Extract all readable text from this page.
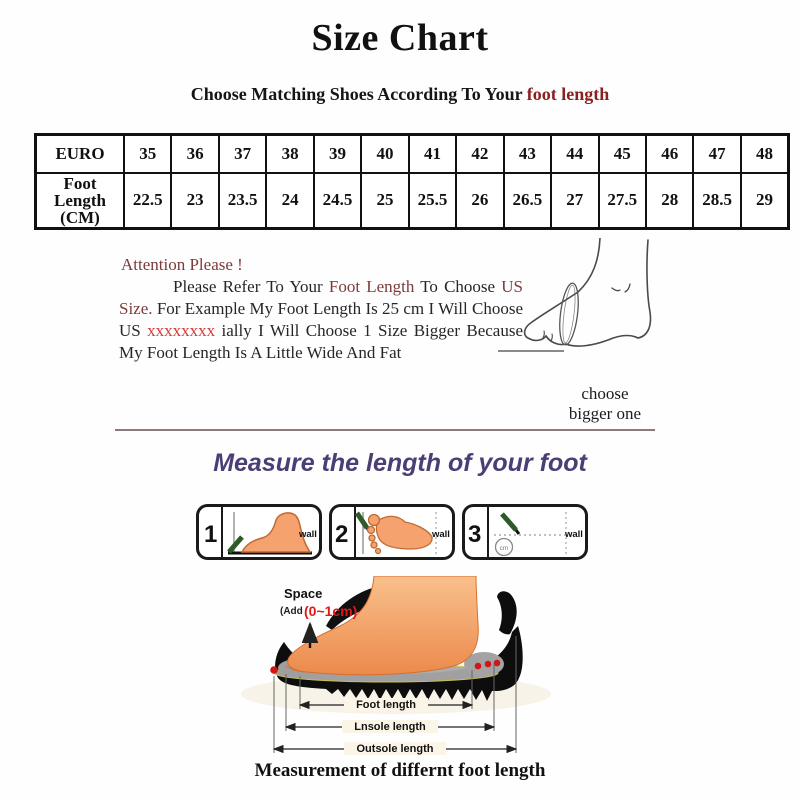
Size Chart
Choose Matching Shoes According To Your foot length
EURO	35	36	37	38	39	40	41	42	43	44	45	46	47	48
Foot Length (CM)	22.5	23	23.5	24	24.5	25	25.5	26	26.5	27	27.5	28	28.5	29
Attention Please !

Please Refer To Your Foot Length To Choose US Size. For Example My Foot Length Is 25 cm I Will Choose US xxxxxxxx ially I Will Choose 1 Size Bigger Because My Foot Length Is A Little Wide And Fat

choose
bigger one
Measure the length of your foot
1	wall 2	wall 3
cm
wall
Space
(Add (0~1cm)
Foot length
Lnsole length
Outsole length
Measurement of differnt foot length
